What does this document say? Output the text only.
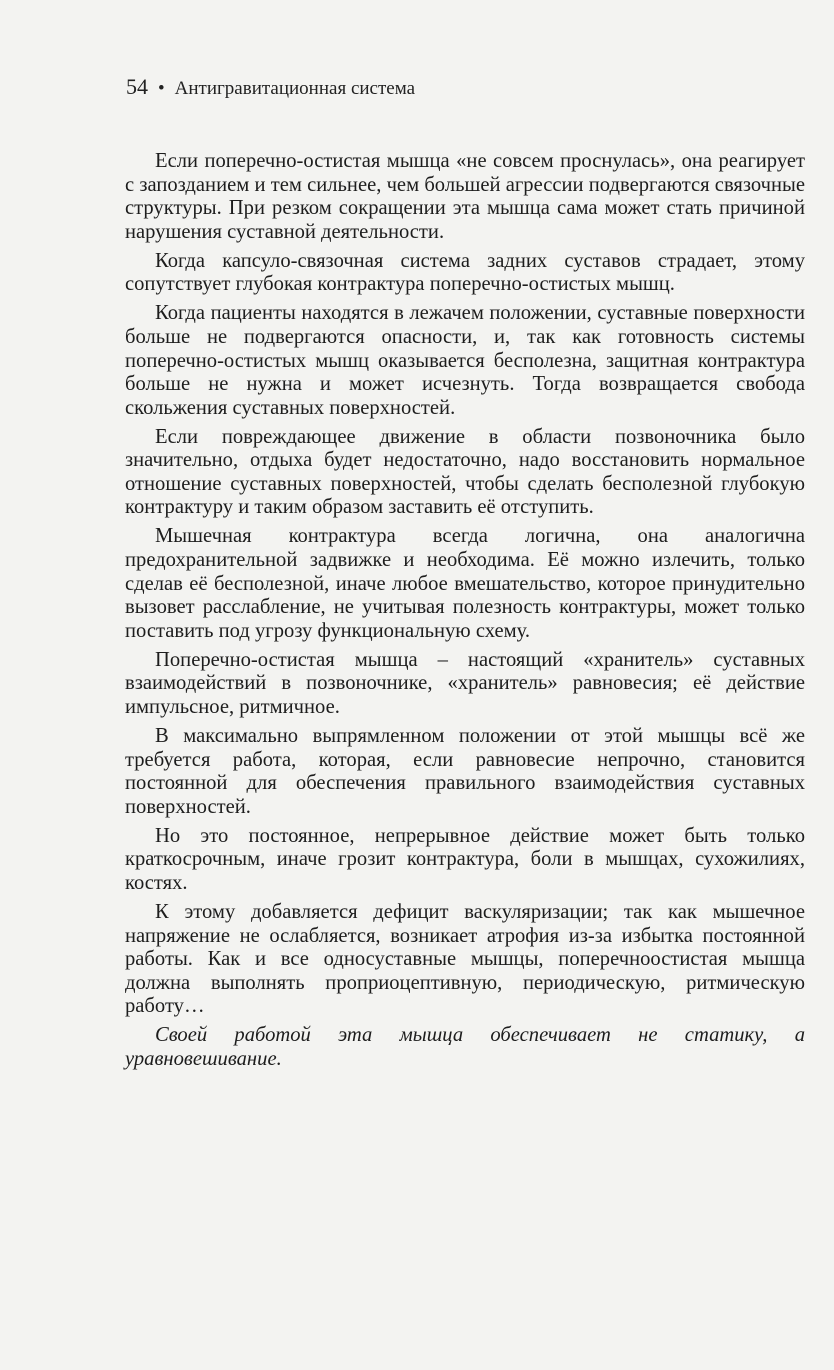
54 • Антигравитационная система

Если поперечно-остистая мышца «не совсем проснулась», она реагирует с запозданием и тем сильнее, чем большей агрессии подвергаются связочные структуры. При резком сокращении эта мышца сама может стать причиной нарушения суставной деятельности.

Когда капсуло-связочная система задних суставов страдает, этому сопутствует глубокая контрактура поперечно-остистых мышц.

Когда пациенты находятся в лежачем положении, суставные поверхности больше не подвергаются опасности, и, так как готовность системы поперечно-остистых мышц оказывается бесполезна, защитная контрактура больше не нужна и может исчезнуть. Тогда возвращается свобода скольжения суставных поверхностей.

Если повреждающее движение в области позвоночника было значительно, отдыха будет недостаточно, надо восстановить нормальное отношение суставных поверхностей, чтобы сделать бесполезной глубокую контрактуру и таким образом заставить её отступить.

Мышечная контрактура всегда логична, она аналогична предохранительной задвижке и необходима. Её можно излечить, только сделав её бесполезной, иначе любое вмешательство, которое принудительно вызовет расслабление, не учитывая полезность контрактуры, может только поставить под угрозу функциональную схему.

Поперечно-остистая мышца – настоящий «хранитель» суставных взаимодействий в позвоночнике, «хранитель» равновесия; её действие импульсное, ритмичное.

В максимально выпрямленном положении от этой мышцы всё же требуется работа, которая, если равновесие непрочно, становится постоянной для обеспечения правильного взаимодействия суставных поверхностей.

Но это постоянное, непрерывное действие может быть только краткосрочным, иначе грозит контрактура, боли в мышцах, сухожилиях, костях.

К этому добавляется дефицит васкуляризации; так как мышечное напряжение не ослабляется, возникает атрофия из-за избытка постоянной работы. Как и все односуставные мышцы, поперечноостистая мышца должна выполнять проприоцептивную, периодическую, ритмическую работу…

Своей работой эта мышца обеспечивает не статику, а уравновешивание.
